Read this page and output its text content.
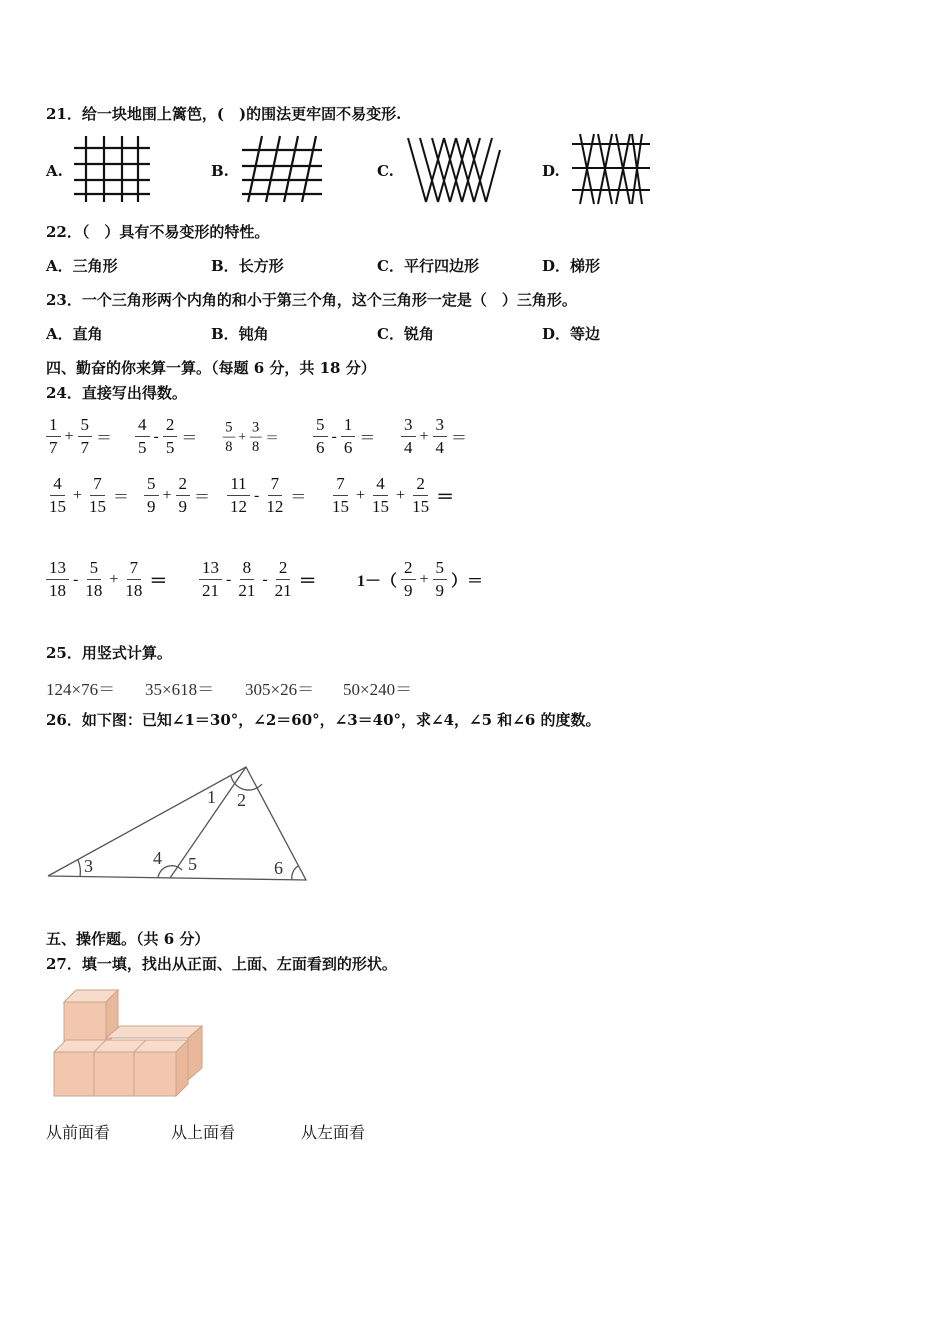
21．给一块地围上篱笆，(　)的围法更牢固不易变形.
A.	B.	C.	D.
22．（　）具有不易变形的特性。
A．三角形	B．长方形	C．平行四边形	D．梯形
23．一个三角形两个内角的和小于第三个角，这个三角形一定是（　）三角形。
A．直角	B．钝角	C．锐角	D．等边
四、勤奋的你来算一算。（每题 6 分，共 18 分）
24．直接写出得数。
$\frac{1}{7} + \frac{5}{7} = \frac{4}{5} - \frac{2}{5} = \frac{5}{8} + \frac{3}{8} = \frac{5}{6} - \frac{1}{6} = \frac{3}{4} + \frac{3}{4}$ ＝
$\frac{4}{15} + \frac{7}{15} = \frac{5}{9} + \frac{2}{9} = \frac{11}{12} - \frac{7}{12} = \frac{7}{15} + \frac{4}{15} + \frac{2}{15}$ ＝
$\frac{13}{18} - \frac{5}{18} + \frac{7}{18} = \frac{13}{21} - \frac{8}{21} - \frac{2}{21}$ ＝	$1-( \frac{2}{9} + \frac{5}{9}$ ）＝
25．用竖式计算。
124×76＝ 35×618＝ 305×26＝ 50×240＝
26．如下图：已知∠1＝30°，∠2＝60°，∠3＝40°，求∠4，∠5 和∠6 的度数。
1 2
3	4 5	6
五、操作题。（共 6 分）
27．填一填，找出从正面、上面、左面看到的形状。
从前面看	从上面看	从左面看
